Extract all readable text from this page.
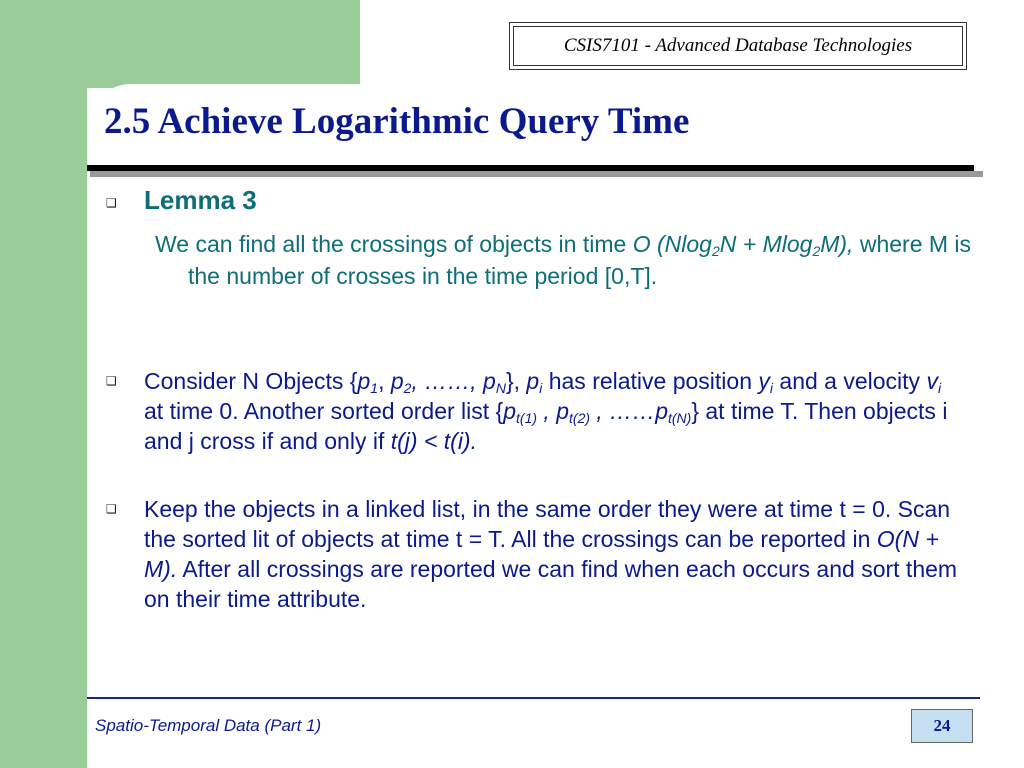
CSIS7101 - Advanced Database Technologies
2.5 Achieve Logarithmic Query Time
❑ Lemma 3
We can find all the crossings of objects in time O (Nlog$_2$N + Mlog$_2$M), where M is the number of crosses in the time period [0,T].
❑ Consider N Objects {$p_1$, $p_2$, ……, $p_N$}, $p_i$ has relative position $y_i$ and a velocity $v_i$ at time 0. Another sorted order list {$p_{t(1)}$ , $p_{t(2)}$ , $\dots\dots p_{t(N)}$} at time T. Then objects i and j cross if and only if t(j) < t(i).
❑ Keep the objects in a linked list, in the same order they were at time t = 0. Scan the sorted lit of objects at time t = T. All the crossings can be reported in O(N + M). After all crossings are reported we can find when each occurs and sort them on their time attribute.
Spatio-Temporal Data (Part 1)	24
